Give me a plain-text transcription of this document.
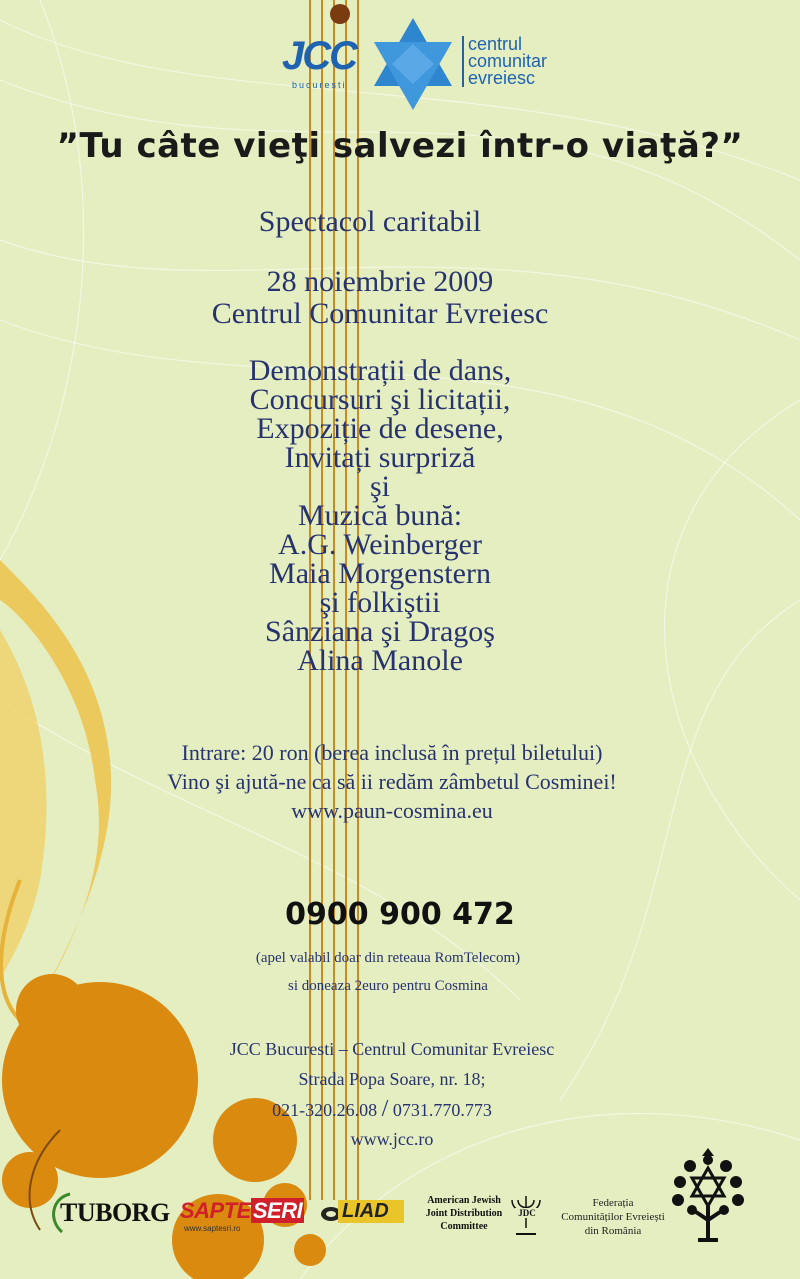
JCC
bucuresti
centrul
comunitar
evreiesc
”Tu câte vieţi salvezi într-o viaţă?”
Spectacol caritabil
28 noiembrie 2009
Centrul Comunitar Evreiesc
Demonstrații de dans,
Concursuri şi licitații,
Expoziție de desene,
Invitați surpriză
şi
Muzică bună:
A.G. Weinberger
Maia Morgenstern
şi folkiştii
Sânziana şi Dragoş
Alina Manole
Intrare: 20 ron (berea inclusă în prețul biletului)
Vino şi ajută-ne ca să ii redăm zâmbetul Cosminei!
www.paun-cosmina.eu
0900 900 472
(apel valabil doar din reteaua RomTelecom)
si doneaza 2euro pentru Cosmina
JCC Bucuresti – Centrul Comunitar Evreiesc
Strada Popa Soare, nr. 18;
021-320.26.08 / 0731.770.773
www.jcc.ro
TUBORG SAPTESERI
www.saptesri.ro
LIAD	American Jewish
Joint Distribution
Committee
JDC
Federația
Comunităților Evreiești
din România
